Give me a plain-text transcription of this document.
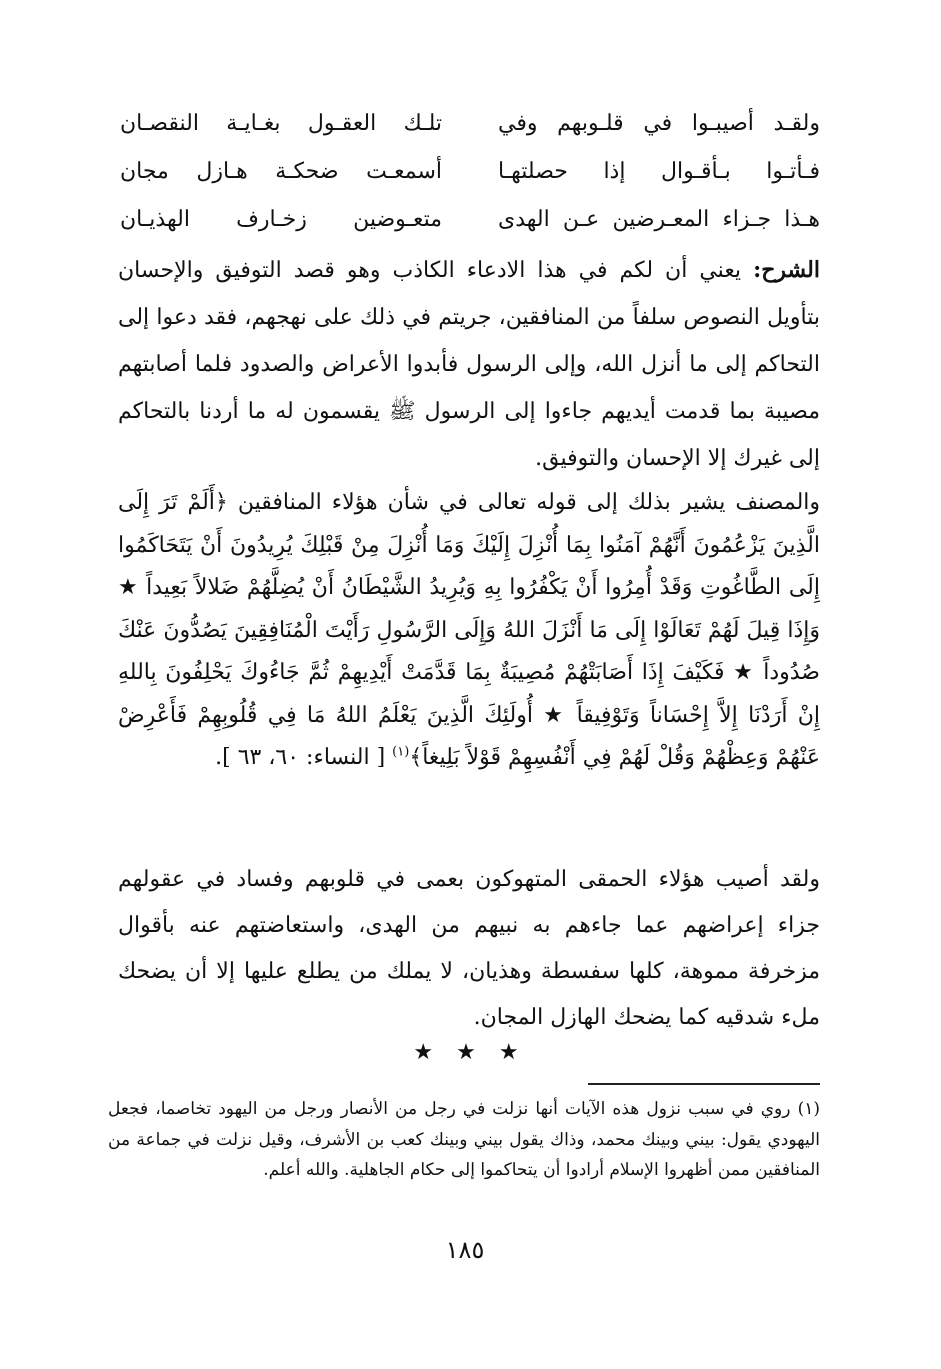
ولقـد أصيبـوا في قلـوبهم وفي
تلـك العقـول بغـايـة النقصـان
فـأتـوا بـأقـوال إذا حصلتهـا
أسمعـت ضحكـة هـازل مجان
هـذا جـزاء المعـرضين عـن الهدى
متعـوضين زخـارف الهذيـان

الشرح: يعني أن لكم في هذا الادعاء الكاذب وهو قصد التوفيق والإحسان بتأويل النصوص سلفاً من المنافقين، جريتم في ذلك على نهجهم، فقد دعوا إلى التحاكم إلى ما أنزل الله، وإلى الرسول فأبدوا الأعراض والصدود فلما أصابتهم مصيبة بما قدمت أيديهم جاءوا إلى الرسول ﷺ يقسمون له ما أردنا بالتحاكم إلى غيرك إلا الإحسان والتوفيق.

والمصنف يشير بذلك إلى قوله تعالى في شأن هؤلاء المنافقين ﴿أَلَمْ تَرَ إِلَى الَّذِينَ يَزْعُمُونَ أَنَّهُمْ آمَنُوا بِمَا أُنْزِلَ إِلَيْكَ وَمَا أُنْزِلَ مِنْ قَبْلِكَ يُرِيدُونَ أَنْ يَتَحَاكَمُوا إِلَى الطَّاغُوتِ وَقَدْ أُمِرُوا أَنْ يَكْفُرُوا بِهِ وَيُرِيدُ الشَّيْطَانُ أَنْ يُضِلَّهُمْ ضَلالاً بَعِيداً ★ وَإِذَا قِيلَ لَهُمْ تَعَالَوْا إِلَى مَا أَنْزَلَ اللهُ وَإِلَى الرَّسُولِ رَأَيْتَ الْمُنَافِقِينَ يَصُدُّونَ عَنْكَ صُدُوداً ★ فَكَيْفَ إِذَا أَصَابَتْهُمْ مُصِيبَةٌ بِمَا قَدَّمَتْ أَيْدِيهِمْ ثُمَّ جَاءُوكَ يَحْلِفُونَ بِاللهِ إِنْ أَرَدْنَا إِلاَّ إِحْسَاناً وَتَوْفِيقاً ★ أُولَئِكَ الَّذِينَ يَعْلَمُ اللهُ مَا فِي قُلُوبِهِمْ فَأَعْرِضْ عَنْهُمْ وَعِظْهُمْ وَقُلْ لَهُمْ فِي أَنْفُسِهِمْ قَوْلاً بَلِيغاً﴾$^{(١)}$ [ النساء: ٦٠، ٦٣ ].

ولقد أصيب هؤلاء الحمقى المتهوكون بعمى في قلوبهم وفساد في عقولهم جزاء إعراضهم عما جاءهم به نبيهم من الهدى، واستعاضتهم عنه بأقوال مزخرفة مموهة، كلها سفسطة وهذيان، لا يملك من يطلع عليها إلا أن يضحك ملء شدقيه كما يضحك الهازل المجان.

★ ★ ★

(١) روي في سبب نزول هذه الآيات أنها نزلت في رجل من الأنصار ورجل من اليهود تخاصما، فجعل اليهودي يقول: بيني وبينك محمد، وذاك يقول بيني وبينك كعب بن الأشرف، وقيل نزلت في جماعة من المنافقين ممن أظهروا الإسلام أرادوا أن يتحاكموا إلى حكام الجاهلية. والله أعلم.

١٨٥
